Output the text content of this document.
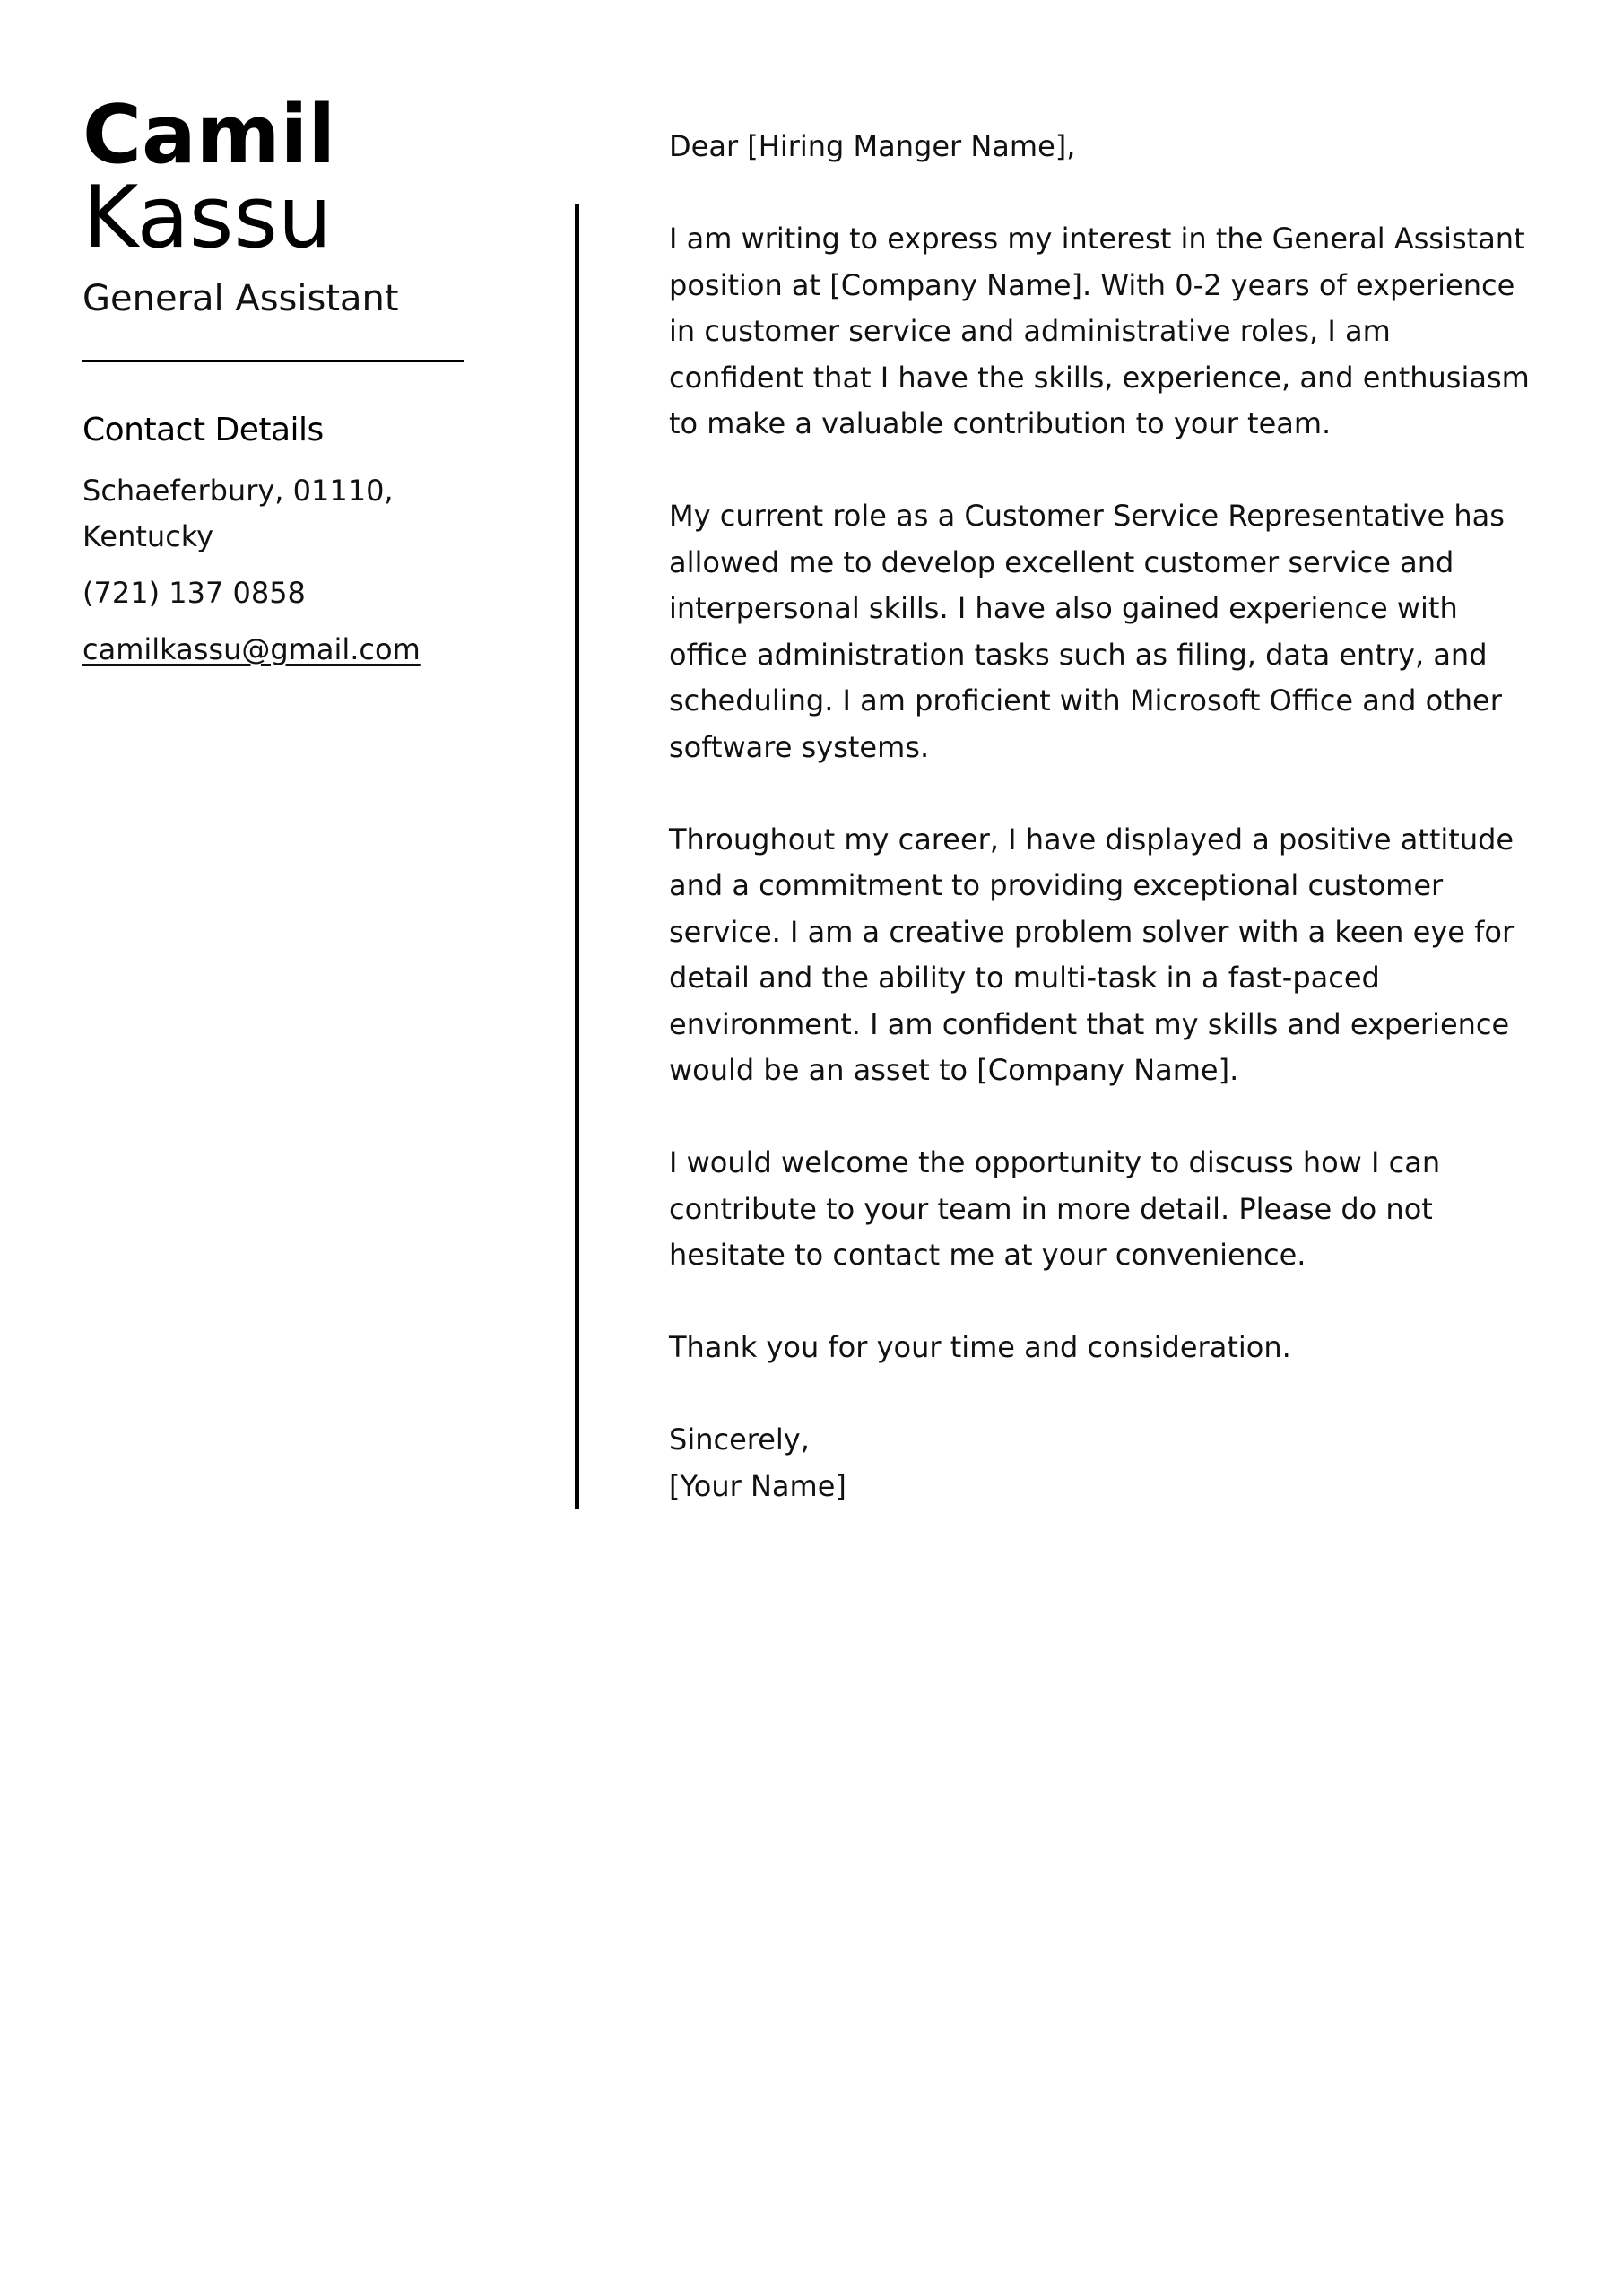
Camil
Kassu
General Assistant
Contact Details
Schaeferbury, 01110, Kentucky
(721) 137 0858
camilkassu@gmail.com

Dear [Hiring Manger Name],

I am writing to express my interest in the General Assistant position at [Company Name]. With 0-2 years of experience in customer service and administrative roles, I am confident that I have the skills, experience, and enthusiasm to make a valuable contribution to your team.

My current role as a Customer Service Representative has allowed me to develop excellent customer service and interpersonal skills. I have also gained experience with office administration tasks such as filing, data entry, and scheduling. I am proficient with Microsoft Office and other software systems.

Throughout my career, I have displayed a positive attitude and a commitment to providing exceptional customer service. I am a creative problem solver with a keen eye for detail and the ability to multi-task in a fast-paced environment. I am confident that my skills and experience would be an asset to [Company Name].

I would welcome the opportunity to discuss how I can contribute to your team in more detail. Please do not hesitate to contact me at your convenience.

Thank you for your time and consideration.

Sincerely,

[Your Name]
